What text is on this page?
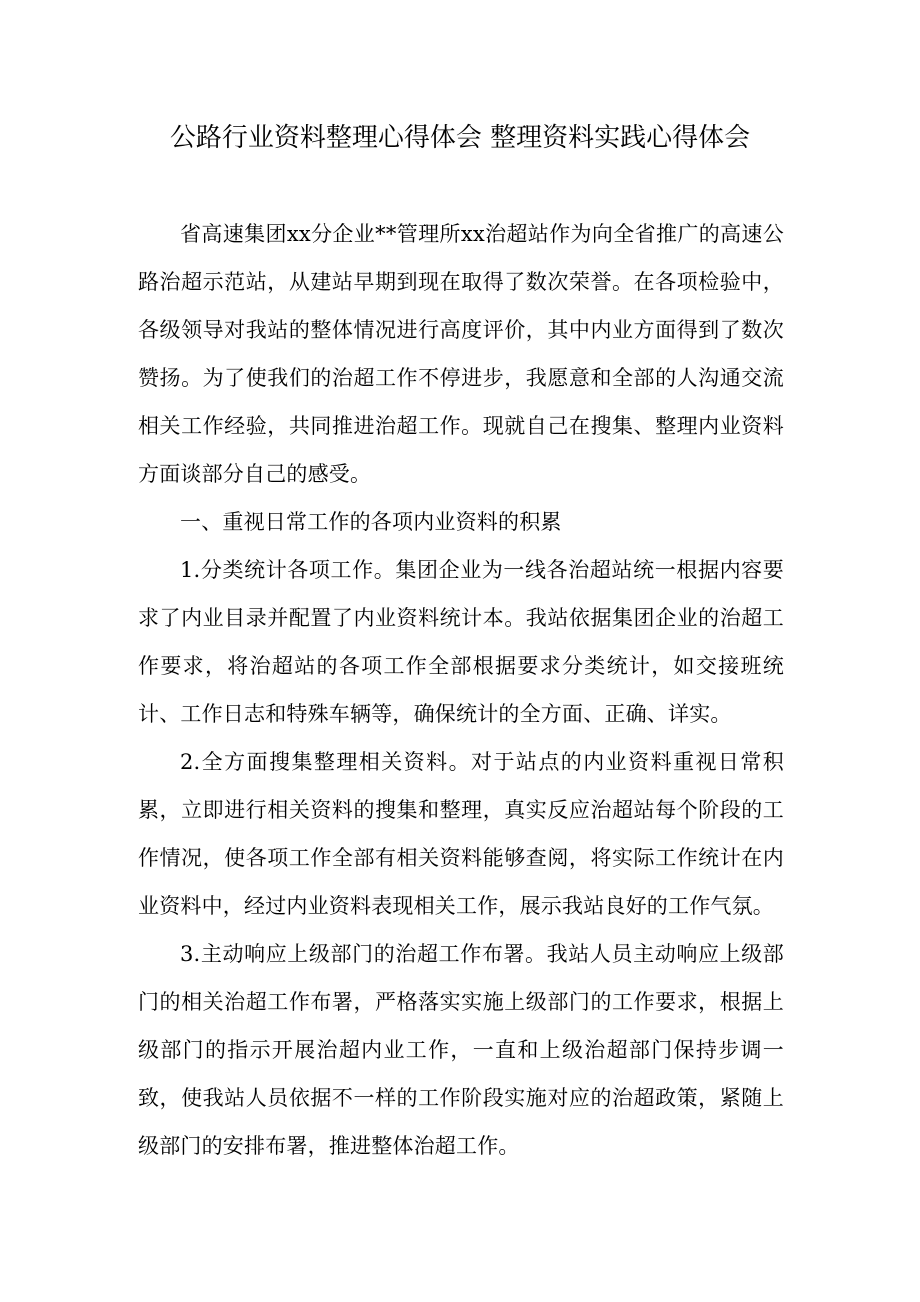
公路行业资料整理心得体会 整理资料实践心得体会

省高速集团xx分企业**管理所xx治超站作为向全省推广的高速公路治超示范站，从建站早期到现在取得了数次荣誉。在各项检验中，各级领导对我站的整体情况进行高度评价，其中内业方面得到了数次赞扬。为了使我们的治超工作不停进步，我愿意和全部的人沟通交流相关工作经验，共同推进治超工作。现就自己在搜集、整理内业资料方面谈部分自己的感受。

一、重视日常工作的各项内业资料的积累

1.分类统计各项工作。集团企业为一线各治超站统一根据内容要求了内业目录并配置了内业资料统计本。我站依据集团企业的治超工作要求，将治超站的各项工作全部根据要求分类统计，如交接班统计、工作日志和特殊车辆等，确保统计的全方面、正确、详实。

2.全方面搜集整理相关资料。对于站点的内业资料重视日常积累，立即进行相关资料的搜集和整理，真实反应治超站每个阶段的工作情况，使各项工作全部有相关资料能够查阅，将实际工作统计在内业资料中，经过内业资料表现相关工作，展示我站良好的工作气氛。

3.主动响应上级部门的治超工作布署。我站人员主动响应上级部门的相关治超工作布署，严格落实实施上级部门的工作要求，根据上级部门的指示开展治超内业工作，一直和上级治超部门保持步调一致，使我站人员依据不一样的工作阶段实施对应的治超政策，紧随上级部门的安排布署，推进整体治超工作。
